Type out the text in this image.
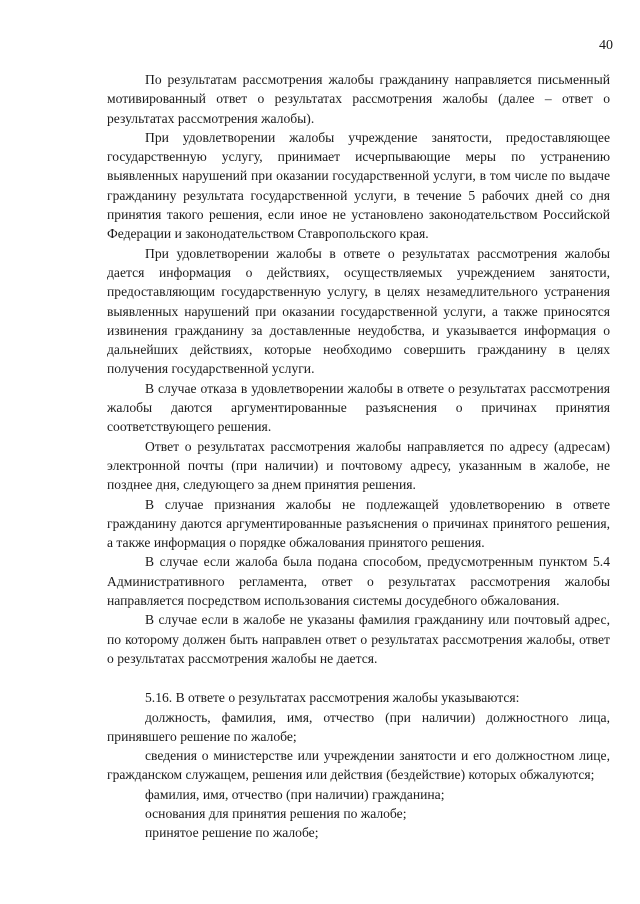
40

По результатам рассмотрения жалобы гражданину направляется письменный мотивированный ответ о результатах рассмотрения жалобы (далее – ответ о результатах рассмотрения жалобы).

При удовлетворении жалобы учреждение занятости, предоставляющее государственную услугу, принимает исчерпывающие меры по устранению выявленных нарушений при оказании государственной услуги, в том числе по выдаче гражданину результата государственной услуги, в течение 5 рабочих дней со дня принятия такого решения, если иное не установлено законодательством Российской Федерации и законодательством Ставропольского края.

При удовлетворении жалобы в ответе о результатах рассмотрения жалобы дается информация о действиях, осуществляемых учреждением занятости, предоставляющим государственную услугу, в целях незамедлительного устранения выявленных нарушений при оказании государственной услуги, а также приносятся извинения гражданину за доставленные неудобства, и указывается информация о дальнейших действиях, которые необходимо совершить гражданину в целях получения государственной услуги.

В случае отказа в удовлетворении жалобы в ответе о результатах рассмотрения жалобы даются аргументированные разъяснения о причинах принятия соответствующего решения.

Ответ о результатах рассмотрения жалобы направляется по адресу (адресам) электронной почты (при наличии) и почтовому адресу, указанным в жалобе, не позднее дня, следующего за днем принятия решения.

В случае признания жалобы не подлежащей удовлетворению в ответе гражданину даются аргументированные разъяснения о причинах принятого решения, а также информация о порядке обжалования принятого решения.

В случае если жалоба была подана способом, предусмотренным пунктом 5.4 Административного регламента, ответ о результатах рассмотрения жалобы направляется посредством использования системы досудебного обжалования.

В случае если в жалобе не указаны фамилия гражданину или почтовый адрес, по которому должен быть направлен ответ о результатах рассмотрения жалобы, ответ о результатах рассмотрения жалобы не дается.

5.16. В ответе о результатах рассмотрения жалобы указываются:

должность, фамилия, имя, отчество (при наличии) должностного лица, принявшего решение по жалобе;

сведения о министерстве или учреждении занятости и его должностном лице, гражданском служащем, решения или действия (бездействие) которых обжалуются;

фамилия, имя, отчество (при наличии) гражданина;

основания для принятия решения по жалобе;

принятое решение по жалобе;
